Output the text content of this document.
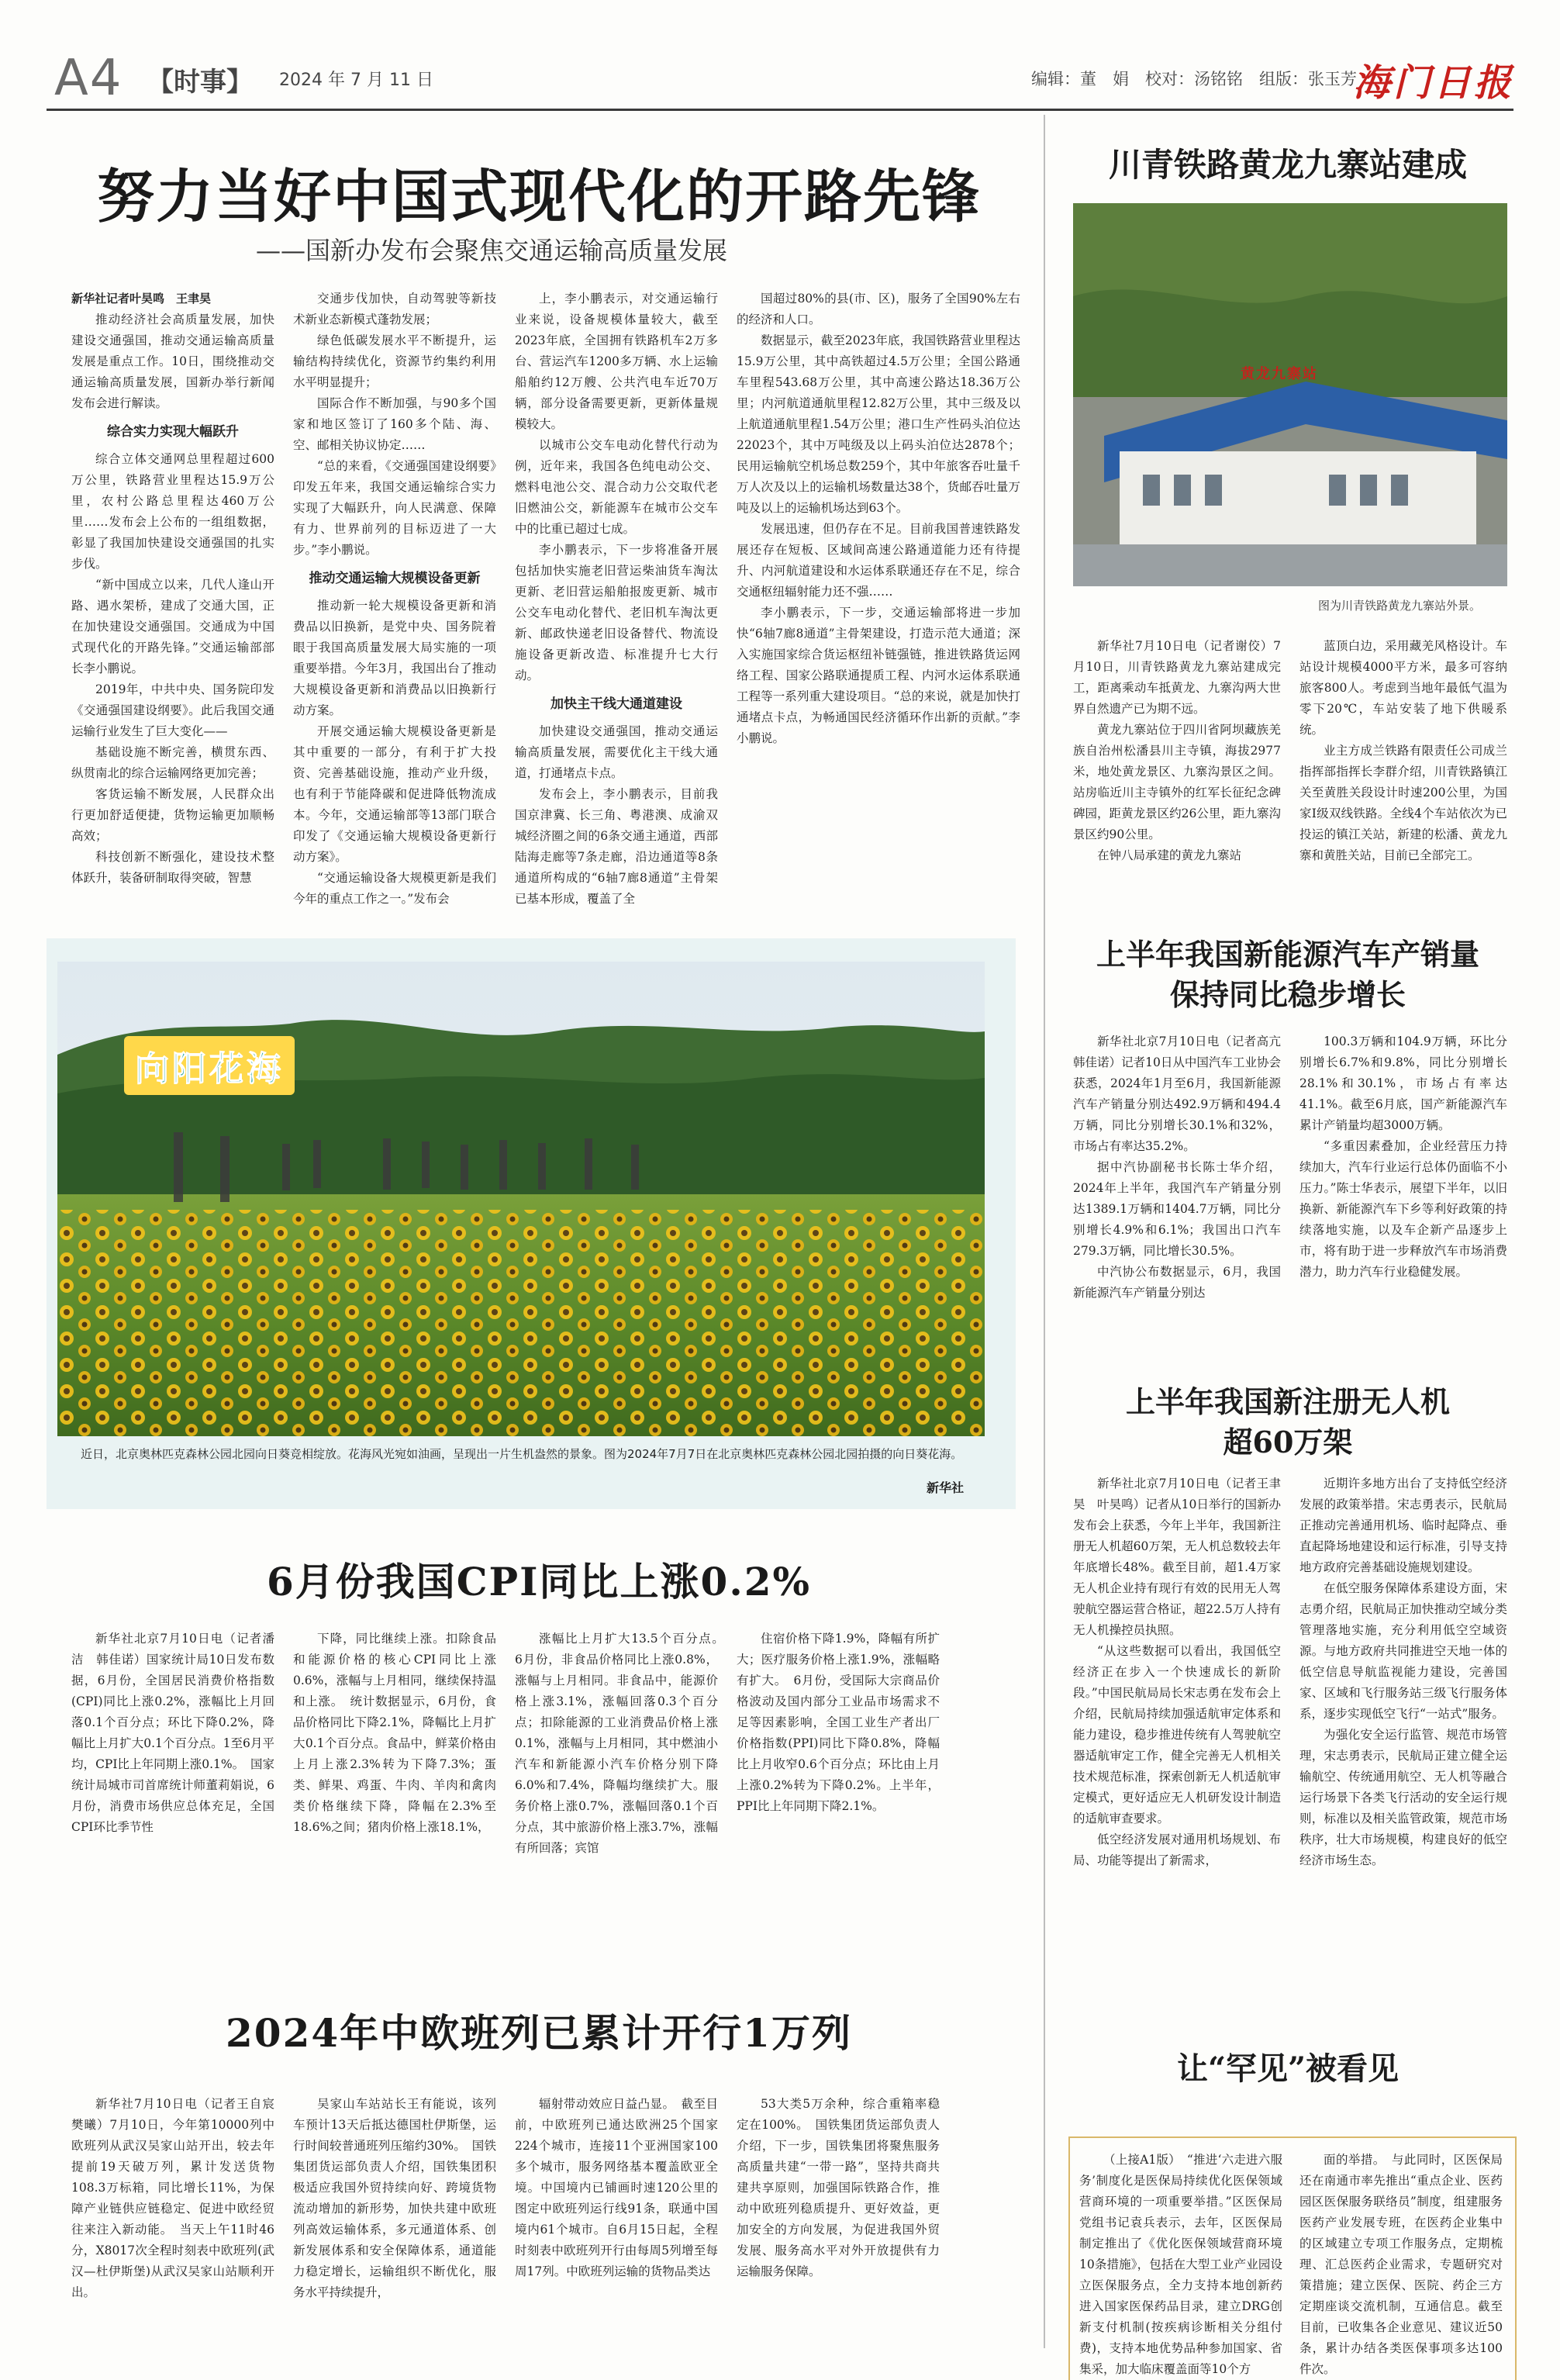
A4 【时事】 2024 年 7 月 11 日	编辑：董　娟　校对：汤铭铭　组版：张玉芳
海门日报
努力当好中国式现代化的开路先锋
——国新办发布会聚焦交通运输高质量发展

新华社记者叶昊鸣　王聿昊

推动经济社会高质量发展，加快建设交通强国，推动交通运输高质量发展是重点工作。10日，围绕推动交通运输高质量发展，国新办举行新闻发布会进行解读。

综合实力实现大幅跃升

综合立体交通网总里程超过600万公里，铁路营业里程达15.9万公里，农村公路总里程达460万公里……发布会上公布的一组组数据，彰显了我国加快建设交通强国的扎实步伐。

“新中国成立以来，几代人逢山开路、遇水架桥，建成了交通大国，正在加快建设交通强国。交通成为中国式现代化的开路先锋。”交通运输部部长李小鹏说。

2019年，中共中央、国务院印发《交通强国建设纲要》。此后我国交通运输行业发生了巨大变化——

基础设施不断完善，横贯东西、纵贯南北的综合运输网络更加完善；

客货运输不断发展，人民群众出行更加舒适便捷，货物运输更加顺畅高效；

科技创新不断强化，建设技术整体跃升，装备研制取得突破，智慧

交通步伐加快，自动驾驶等新技术新业态新模式蓬勃发展；

绿色低碳发展水平不断提升，运输结构持续优化，资源节约集约利用水平明显提升；

国际合作不断加强，与90多个国家和地区签订了160多个陆、海、空、邮相关协议协定……

“总的来看，《交通强国建设纲要》印发五年来，我国交通运输综合实力实现了大幅跃升，向人民满意、保障有力、世界前列的目标迈进了一大步。”李小鹏说。

推动交通运输大规模设备更新

推动新一轮大规模设备更新和消费品以旧换新，是党中央、国务院着眼于我国高质量发展大局实施的一项重要举措。今年3月，我国出台了推动大规模设备更新和消费品以旧换新行动方案。

开展交通运输大规模设备更新是其中重要的一部分，有利于扩大投资、完善基础设施，推动产业升级，也有利于节能降碳和促进降低物流成本。今年，交通运输部等13部门联合印发了《交通运输大规模设备更新行动方案》。

“交通运输设备大规模更新是我们今年的重点工作之一。”发布会

上，李小鹏表示，对交通运输行业来说，设备规模体量较大，截至2023年底，全国拥有铁路机车2万多台、营运汽车1200多万辆、水上运输船舶约12万艘、公共汽电车近70万辆，部分设备需要更新，更新体量规模较大。

以城市公交车电动化替代行动为例，近年来，我国各色纯电动公交、燃料电池公交、混合动力公交取代老旧燃油公交，新能源车在城市公交车中的比重已超过七成。

李小鹏表示，下一步将准备开展包括加快实施老旧营运柴油货车淘汰更新、老旧营运船舶报废更新、城市公交车电动化替代、老旧机车淘汰更新、邮政快递老旧设备替代、物流设施设备更新改造、标准提升七大行动。

加快主干线大通道建设

加快建设交通强国，推动交通运输高质量发展，需要优化主干线大通道，打通堵点卡点。

发布会上，李小鹏表示，目前我国京津冀、长三角、粤港澳、成渝双城经济圈之间的6条交通主通道，西部陆海走廊等7条走廊，沿边通道等8条通道所构成的“6轴7廊8通道”主骨架已基本形成，覆盖了全

国超过80%的县(市、区)，服务了全国90%左右的经济和人口。

数据显示，截至2023年底，我国铁路营业里程达15.9万公里，其中高铁超过4.5万公里；全国公路通车里程543.68万公里，其中高速公路达18.36万公里；内河航道通航里程12.82万公里，其中三级及以上航道通航里程1.54万公里；港口生产性码头泊位达22023个，其中万吨级及以上码头泊位达2878个；民用运输航空机场总数259个，其中年旅客吞吐量千万人次及以上的运输机场数量达38个，货邮吞吐量万吨及以上的运输机场达到63个。

发展迅速，但仍存在不足。目前我国普速铁路发展还存在短板、区域间高速公路通道能力还有待提升、内河航道建设和水运体系联通还存在不足，综合交通枢纽辐射能力还不强……

李小鹏表示，下一步，交通运输部将进一步加快“6轴7廊8通道”主骨架建设，打造示范大通道；深入实施国家综合货运枢纽补链强链，推进铁路货运网络工程、国家公路联通提质工程、内河水运体系联通工程等一系列重大建设项目。“总的来说，就是加快打通堵点卡点，为畅通国民经济循环作出新的贡献。”李小鹏说。

向阳花海
近日，北京奥林匹克森林公园北园向日葵竞相绽放。花海风光宛如油画，呈现出一片生机盎然的景象。图为2024年7月7日在北京奥林匹克森林公园北园拍摄的向日葵花海。
新华社
6月份我国CPI同比上涨0.2%

新华社北京7月10日电（记者潘洁　韩佳诺）国家统计局10日发布数据，6月份，全国居民消费价格指数(CPI)同比上涨0.2%，涨幅比上月回落0.1个百分点；环比下降0.2%，降幅比上月扩大0.1个百分点。1至6月平均，CPI比上年同期上涨0.1%。　国家统计局城市司首席统计师董莉娟说，6月份，消费市场供应总体充足，全国CPI环比季节性

下降，同比继续上涨。扣除食品和能源价格的核心CPI同比上涨0.6%，涨幅与上月相同，继续保持温和上涨。　统计数据显示，6月份，食品价格同比下降2.1%，降幅比上月扩大0.1个百分点。食品中，鲜菜价格由上月上涨2.3%转为下降7.3%；蛋类、鲜果、鸡蛋、牛肉、羊肉和禽肉类价格继续下降，降幅在2.3%至18.6%之间；猪肉价格上涨18.1%，

涨幅比上月扩大13.5个百分点。　6月份，非食品价格同比上涨0.8%，涨幅与上月相同。非食品中，能源价格上涨3.1%，涨幅回落0.3个百分点；扣除能源的工业消费品价格上涨0.1%，涨幅与上月相同，其中燃油小汽车和新能源小汽车价格分别下降6.0%和7.4%，降幅均继续扩大。服务价格上涨0.7%，涨幅回落0.1个百分点，其中旅游价格上涨3.7%，涨幅有所回落；宾馆

住宿价格下降1.9%，降幅有所扩大；医疗服务价格上涨1.9%，涨幅略有扩大。　6月份，受国际大宗商品价格波动及国内部分工业品市场需求不足等因素影响，全国工业生产者出厂价格指数(PPI)同比下降0.8%，降幅比上月收窄0.6个百分点；环比由上月上涨0.2%转为下降0.2%。上半年，PPI比上年同期下降2.1%。

2024年中欧班列已累计开行1万列

新华社7月10日电（记者王自宸　樊曦）7月10日，今年第10000列中欧班列从武汉吴家山站开出，较去年提前19天破万列，累计发送货物108.3万标箱，同比增长11%，为保障产业链供应链稳定、促进中欧经贸往来注入新动能。　当天上午11时46分，X8017次全程时刻表中欧班列(武汉—杜伊斯堡)从武汉吴家山站顺利开出。

吴家山车站站长王有能说，该列车预计13天后抵达德国杜伊斯堡，运行时间较普通班列压缩约30%。　国铁集团货运部负责人介绍，国铁集团积极适应我国外贸持续向好、跨境货物流动增加的新形势，加快共建中欧班列高效运输体系，多元通道体系、创新发展体系和安全保障体系，通道能力稳定增长，运输组织不断优化，服务水平持续提升，

辐射带动效应日益凸显。　截至目前，中欧班列已通达欧洲25个国家224个城市，连接11个亚洲国家100多个城市，服务网络基本覆盖欧亚全境。中国境内已铺画时速120公里的图定中欧班列运行线91条，联通中国境内61个城市。自6月15日起，全程时刻表中欧班列开行由每周5列增至每周17列。中欧班列运输的货物品类达

53大类5万余种，综合重箱率稳定在100%。　国铁集团货运部负责人介绍，下一步，国铁集团将聚焦服务高质量共建“一带一路”，坚持共商共建共享原则，加强国际铁路合作，推动中欧班列稳质提升、更好效益，更加安全的方向发展，为促进我国外贸发展、服务高水平对外开放提供有力运输服务保障。

川青铁路黄龙九寨站建成
黄龙九寨站
图为川青铁路黄龙九寨站外景。

新华社7月10日电（记者谢佼）7月10日，川青铁路黄龙九寨站建成完工，距离乘动车抵黄龙、九寨沟两大世界自然遗产已为期不远。

黄龙九寨站位于四川省阿坝藏族羌族自治州松潘县川主寺镇，海拔2977米，地处黄龙景区、九寨沟景区之间。站房临近川主寺镇外的红军长征纪念碑碑园，距黄龙景区约26公里，距九寨沟景区约90公里。

在钟八局承建的黄龙九寨站

蓝顶白边，采用藏羌风格设计。车站设计规模4000平方米，最多可容纳旅客800人。考虑到当地年最低气温为零下20℃，车站安装了地下供暖系统。

业主方成兰铁路有限责任公司成兰指挥部指挥长李群介绍，川青铁路镇江关至黄胜关段设计时速200公里，为国家Ⅰ级双线铁路。全线4个车站依次为已投运的镇江关站，新建的松潘、黄龙九寨和黄胜关站，目前已全部完工。

上半年我国新能源汽车产销量
保持同比稳步增长

新华社北京7月10日电（记者高亢　韩佳诺）记者10日从中国汽车工业协会获悉，2024年1月至6月，我国新能源汽车产销量分别达492.9万辆和494.4万辆，同比分别增长30.1%和32%，市场占有率达35.2%。

据中汽协副秘书长陈士华介绍，2024年上半年，我国汽车产销量分别达1389.1万辆和1404.7万辆，同比分别增长4.9%和6.1%；我国出口汽车279.3万辆，同比增长30.5%。

中汽协公布数据显示，6月，我国新能源汽车产销量分别达

100.3万辆和104.9万辆，环比分别增长6.7%和9.8%，同比分别增长28.1%和30.1%，市场占有率达41.1%。截至6月底，国产新能源汽车累计产销量均超3000万辆。

“多重因素叠加，企业经营压力持续加大，汽车行业运行总体仍面临不小压力。”陈士华表示，展望下半年，以旧换新、新能源汽车下乡等利好政策的持续落地实施，以及车企新产品逐步上市，将有助于进一步释放汽车市场消费潜力，助力汽车行业稳健发展。

上半年我国新注册无人机
超60万架

新华社北京7月10日电（记者王聿昊　叶昊鸣）记者从10日举行的国新办发布会上获悉，今年上半年，我国新注册无人机超60万架，无人机总数较去年年底增长48%。截至目前，超1.4万家无人机企业持有现行有效的民用无人驾驶航空器运营合格证，超22.5万人持有无人机操控员执照。

“从这些数据可以看出，我国低空经济正在步入一个快速成长的新阶段。”中国民航局局长宋志勇在发布会上介绍，民航局持续加强适航审定体系和能力建设，稳步推进传统有人驾驶航空器适航审定工作，健全完善无人机相关技术规范标准，探索创新无人机适航审定模式，更好适应无人机研发设计制造的适航审查要求。

低空经济发展对通用机场规划、布局、功能等提出了新需求，

近期许多地方出台了支持低空经济发展的政策举措。宋志勇表示，民航局正推动完善通用机场、临时起降点、垂直起降场地建设和运行标准，引导支持地方政府完善基础设施规划建设。

在低空服务保障体系建设方面，宋志勇介绍，民航局正加快推动空域分类管理落地实施，充分利用低空空域资源。与地方政府共同推进空天地一体的低空信息导航监视能力建设，完善国家、区域和飞行服务站三级飞行服务体系，逐步实现低空飞行“一站式”服务。

为强化安全运行监管、规范市场管理，宋志勇表示，民航局正建立健全运输航空、传统通用航空、无人机等融合运行场景下各类飞行活动的安全运行规则，标准以及相关监管政策，规范市场秩序，壮大市场规模，构建良好的低空经济市场生态。

让“罕见”被看见

（上接A1版）　“推进‘六走进六服务’制度化是医保局持续优化医保领域营商环境的一项重要举措。”区医保局党组书记袁兵表示，去年，区医保局制定推出了《优化医保领域营商环境10条措施》，包括在大型工业产业园设立医保服务点，全力支持本地创新药进入国家医保药品目录，建立DRG创新支付机制(按疾病诊断相关分组付费)，支持本地优势品种参加国家、省集采，加大临床覆盖面等10个方

面的举措。　与此同时，区医保局还在南通市率先推出“重点企业、医药园区医保服务联络员”制度，组建服务医药产业发展专班，在医药企业集中的区域建立专项工作服务点，定期梳理、汇总医药企业需求，专题研究对策措施；建立医保、医院、药企三方定期座谈交流机制，互通信息。截至目前，已收集各企业意见、建议近50条，累计办结各类医保事项多达100件次。
